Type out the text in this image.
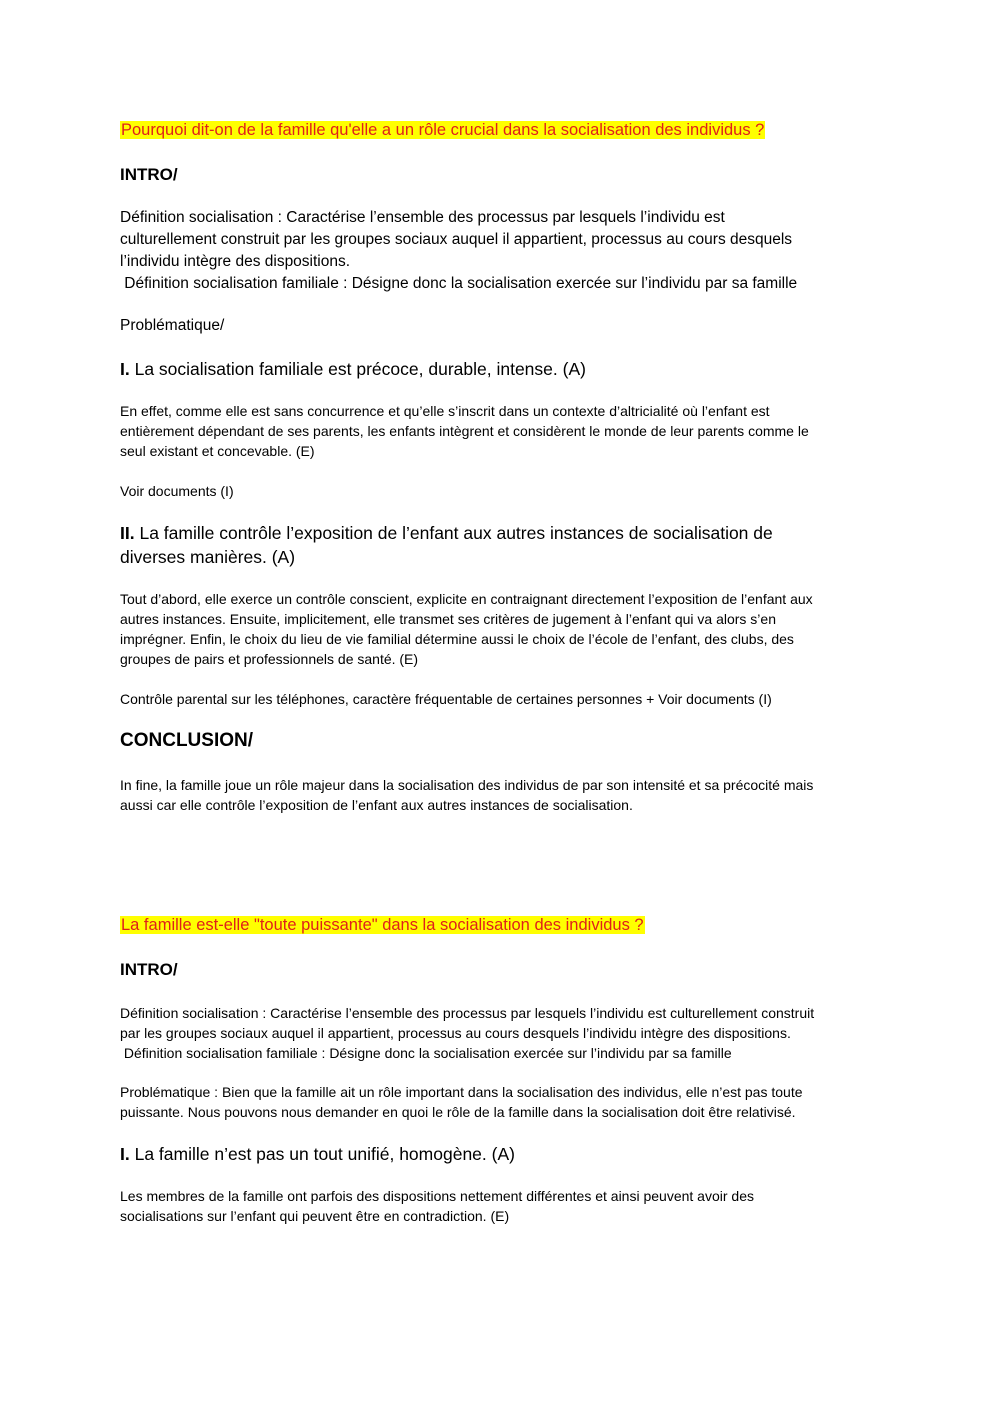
Pourquoi dit-on de la famille qu'elle a un rôle crucial dans la socialisation des individus ?
INTRO/
Définition socialisation : Caractérise l’ensemble des processus par lesquels l’individu est
culturellement construit par les groupes sociaux auquel il appartient, processus au cours desquels
l’individu intègre des dispositions.
Définition socialisation familiale : Désigne donc la socialisation exercée sur l’individu par sa famille
Problématique/
I. La socialisation familiale est précoce, durable, intense. (A)
En effet, comme elle est sans concurrence et qu’elle s’inscrit dans un contexte d’altricialité où l’enfant est
entièrement dépendant de ses parents, les enfants intègrent et considèrent le monde de leur parents comme le
seul existant et concevable. (E)
Voir documents (I)
II. La famille contrôle l’exposition de l’enfant aux autres instances de socialisation de
diverses manières. (A)
Tout d’abord, elle exerce un contrôle conscient, explicite en contraignant directement l’exposition de l’enfant aux
autres instances. Ensuite, implicitement, elle transmet ses critères de jugement à l’enfant qui va alors s’en
imprégner. Enfin, le choix du lieu de vie familial détermine aussi le choix de l’école de l’enfant, des clubs, des
groupes de pairs et professionnels de santé. (E)
Contrôle parental sur les téléphones, caractère fréquentable de certaines personnes + Voir documents (I)
CONCLUSION/
In fine, la famille joue un rôle majeur dans la socialisation des individus de par son intensité et sa précocité mais
aussi car elle contrôle l’exposition de l’enfant aux autres instances de socialisation.
La famille est-elle "toute puissante" dans la socialisation des individus ?
INTRO/
Définition socialisation : Caractérise l’ensemble des processus par lesquels l’individu est culturellement construit
par les groupes sociaux auquel il appartient, processus au cours desquels l’individu intègre des dispositions.
Définition socialisation familiale : Désigne donc la socialisation exercée sur l’individu par sa famille
Problématique : Bien que la famille ait un rôle important dans la socialisation des individus, elle n’est pas toute
puissante. Nous pouvons nous demander en quoi le rôle de la famille dans la socialisation doit être relativisé.
I. La famille n’est pas un tout unifié, homogène. (A)
Les membres de la famille ont parfois des dispositions nettement différentes et ainsi peuvent avoir des
socialisations sur l’enfant qui peuvent être en contradiction. (E)
